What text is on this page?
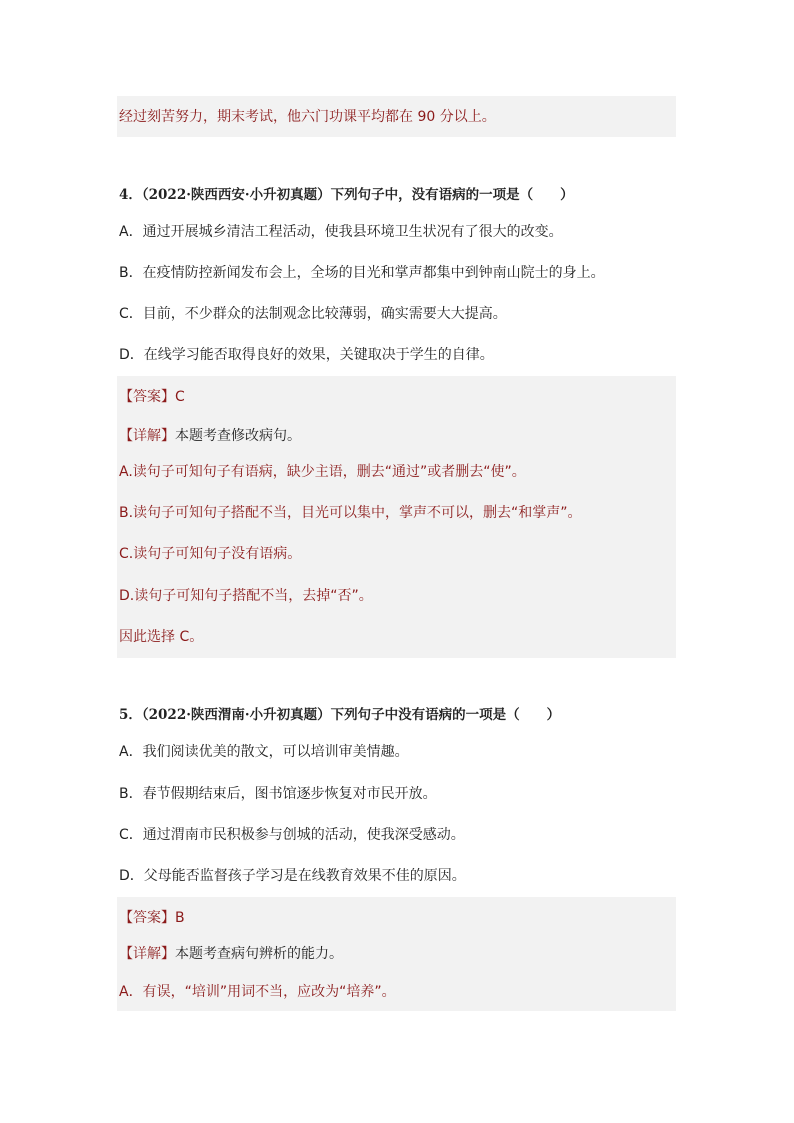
经过刻苦努力，期末考试，他六门功课平均都在 90 分以上。
4．（2022·陕西西安·小升初真题）下列句子中，没有语病的一项是（　　）
A．通过开展城乡清洁工程活动，使我县环境卫生状况有了很大的改变。
B．在疫情防控新闻发布会上，全场的目光和掌声都集中到钟南山院士的身上。
C．目前，不少群众的法制观念比较薄弱，确实需要大大提高。
D．在线学习能否取得良好的效果，关键取决于学生的自律。
【答案】C
【详解】本题考查修改病句。
A.读句子可知句子有语病，缺少主语，删去“通过”或者删去“使”。
B.读句子可知句子搭配不当，目光可以集中，掌声不可以，删去“和掌声”。
C.读句子可知句子没有语病。
D.读句子可知句子搭配不当，去掉“否”。
因此选择 C。
5．（2022·陕西渭南·小升初真题）下列句子中没有语病的一项是（　　）
A．我们阅读优美的散文，可以培训审美情趣。
B．春节假期结束后，图书馆逐步恢复对市民开放。
C．通过渭南市民积极参与创城的活动，使我深受感动。
D．父母能否监督孩子学习是在线教育效果不佳的原因。
【答案】B
【详解】本题考查病句辨析的能力。
A．有误，“培训”用词不当，应改为“培养”。
